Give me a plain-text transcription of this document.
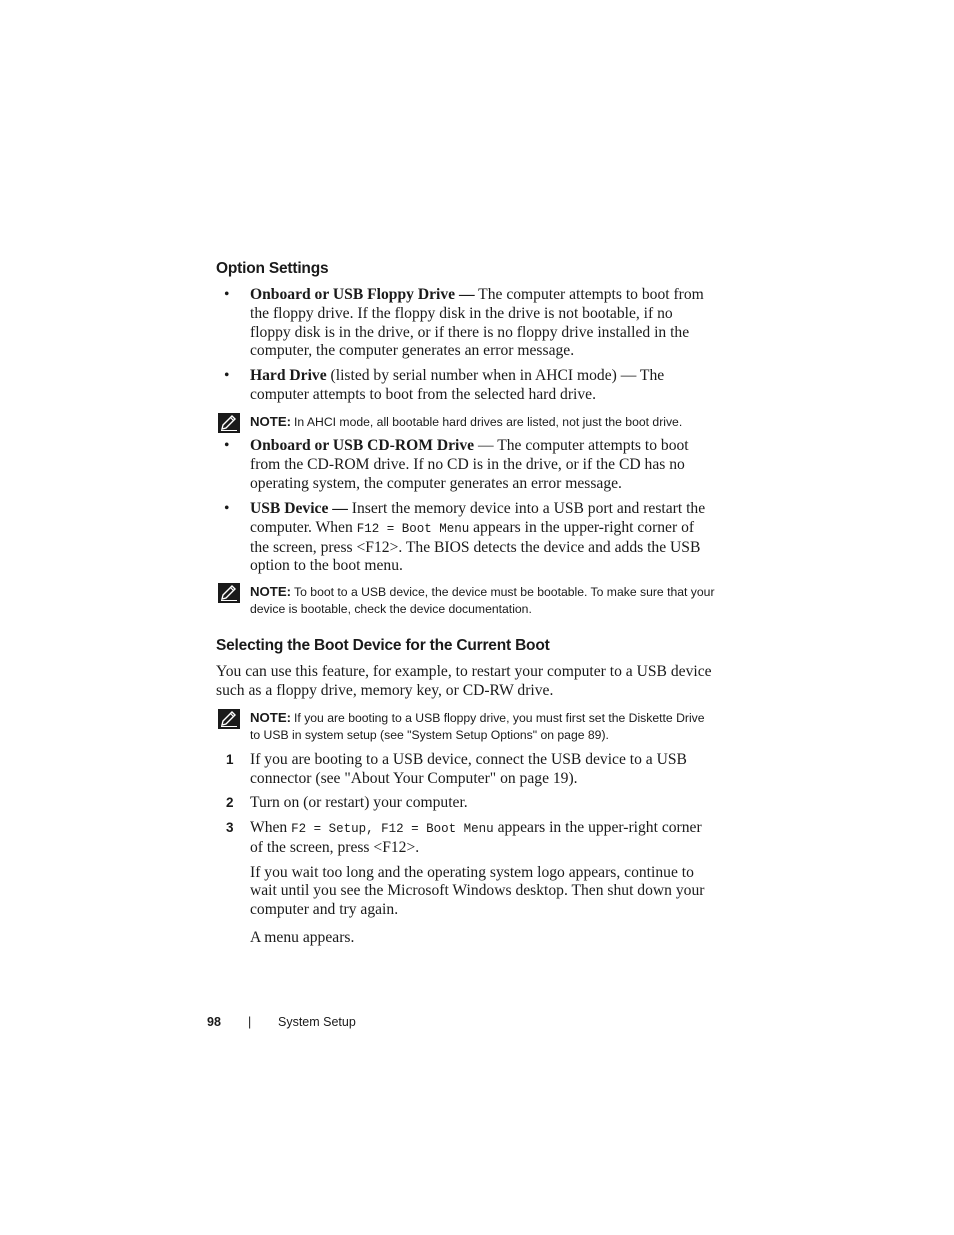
Option Settings
•	Onboard or USB Floppy Drive — The computer attempts to boot from the floppy drive. If the floppy disk in the drive is not bootable, if no floppy disk is in the drive, or if there is no floppy drive installed in the computer, the computer generates an error message.

•	Hard Drive (listed by serial number when in AHCI mode) — The computer attempts to boot from the selected hard drive.

NOTE: In AHCI mode, all bootable hard drives are listed, not just the boot drive.
•	Onboard or USB CD-ROM Drive — The computer attempts to boot from the CD-ROM drive. If no CD is in the drive, or if the CD has no operating system, the computer generates an error message.

•	USB Device — Insert the memory device into a USB port and restart the computer. When F12 = Boot Menu appears in the upper-right corner of the screen, press <F12>. The BIOS detects the device and adds the USB option to the boot menu.

NOTE: To boot to a USB device, the device must be bootable. To make sure that your device is bootable, check the device documentation.
Selecting the Boot Device for the Current Boot

You can use this feature, for example, to restart your computer to a USB device such as a floppy drive, memory key, or CD-RW drive.

NOTE: If you are booting to a USB floppy drive, you must first set the Diskette Drive to USB in system setup (see "System Setup Options" on page 89).
1 If you are booting to a USB device, connect the USB device to a USB connector (see "About Your Computer" on page 19).

2 Turn on (or restart) your computer.

3 When F2 = Setup, F12 = Boot Menu appears in the upper-right corner of the screen, press <F12>.

If you wait too long and the operating system logo appears, continue to wait until you see the Microsoft Windows desktop. Then shut down your computer and try again.

A menu appears.

98 | System Setup
